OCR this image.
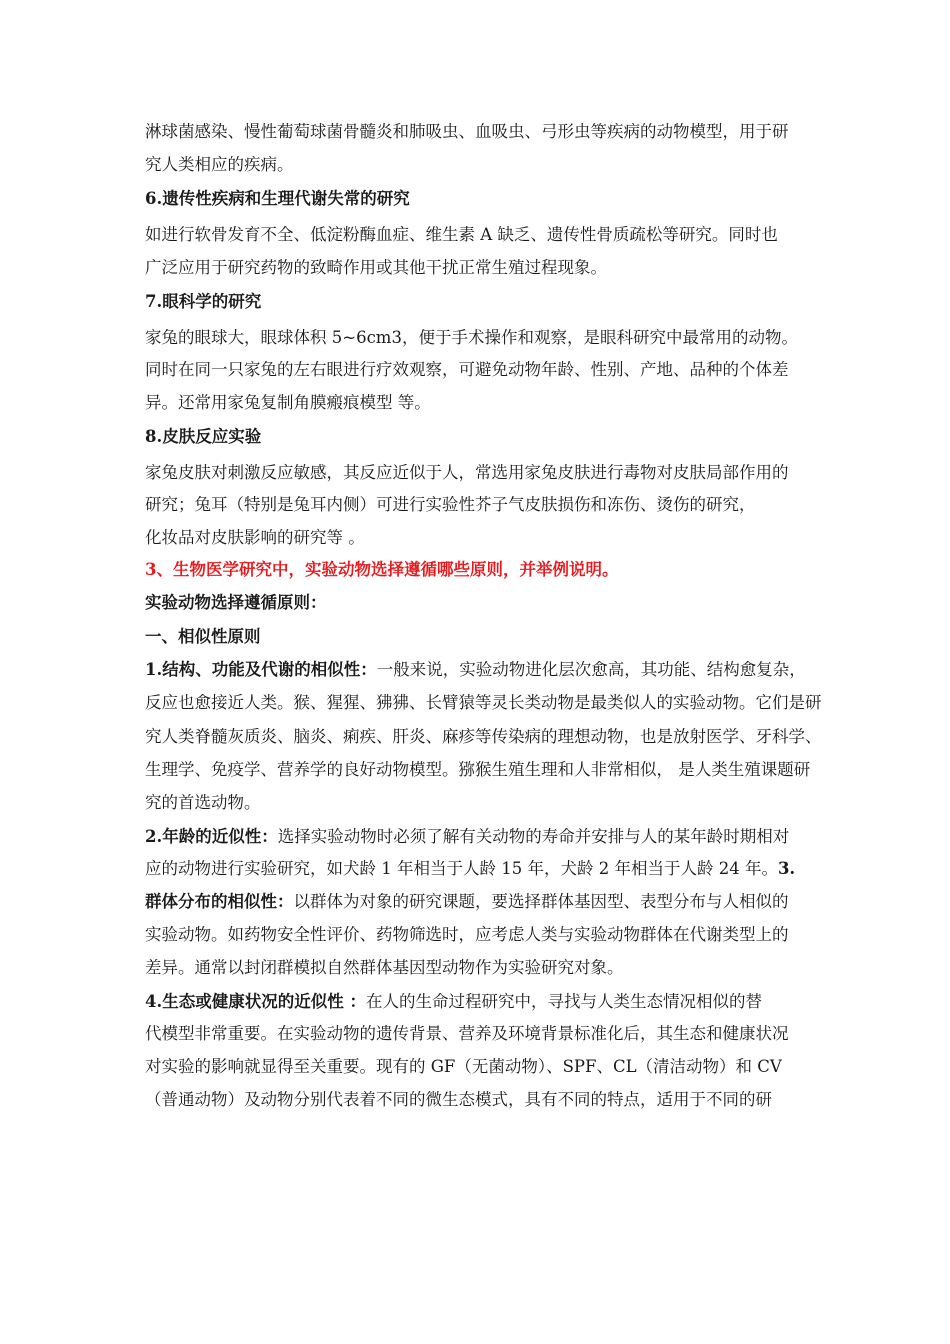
淋球菌感染、慢性葡萄球菌骨髓炎和肺吸虫、血吸虫、弓形虫等疾病的动物模型，用于研
究人类相应的疾病。
6.遗传性疾病和生理代谢失常的研究
如进行软骨发育不全、低淀粉酶血症、维生素 A 缺乏、遗传性骨质疏松等研究。同时也
广泛应用于研究药物的致畸作用或其他干扰正常生殖过程现象。
7.眼科学的研究
家兔的眼球大，眼球体积 5~6cm3，便于手术操作和观察，是眼科研究中最常用的动物。
同时在同一只家兔的左右眼进行疗效观察，可避免动物年龄、性别、产地、品种的个体差
异。还常用家兔复制角膜瘢痕模型 等。
8.皮肤反应实验
家兔皮肤对刺激反应敏感，其反应近似于人，常选用家兔皮肤进行毒物对皮肤局部作用的
研究；兔耳（特别是兔耳内侧）可进行实验性芥子气皮肤损伤和冻伤、烫伤的研究，
化妆品对皮肤影响的研究等 。
3、生物医学研究中，实验动物选择遵循哪些原则，并举例说明。
实验动物选择遵循原则：
一、相似性原则
1.结构、功能及代谢的相似性：一般来说，实验动物进化层次愈高，其功能、结构愈复杂，
反应也愈接近人类。猴、猩猩、狒狒、长臂猿等灵长类动物是最类似人的实验动物。它们是研
究人类脊髓灰质炎、脑炎、痢疾、肝炎、麻疹等传染病的理想动物，也是放射医学、牙科学、
生理学、免疫学、营养学的良好动物模型。猕猴生殖生理和人非常相似， 是人类生殖课题研
究的首选动物。
2.年龄的近似性：选择实验动物时必须了解有关动物的寿命并安排与人的某年龄时期相对
应的动物进行实验研究，如犬龄 1 年相当于人龄 15 年，犬龄 2 年相当于人龄 24 年。3.
群体分布的相似性：以群体为对象的研究课题，要选择群体基因型、表型分布与人相似的
实验动物。如药物安全性评价、药物筛选时，应考虑人类与实验动物群体在代谢类型上的
差异。通常以封闭群模拟自然群体基因型动物作为实验研究对象。
4.生态或健康状况的近似性 ：在人的生命过程研究中，寻找与人类生态情况相似的替
代模型非常重要。在实验动物的遗传背景、营养及环境背景标准化后，其生态和健康状况
对实验的影响就显得至关重要。现有的 GF（无菌动物）、SPF、CL（清洁动物）和 CV
（普通动物）及动物分别代表着不同的微生态模式，具有不同的特点，适用于不同的研
